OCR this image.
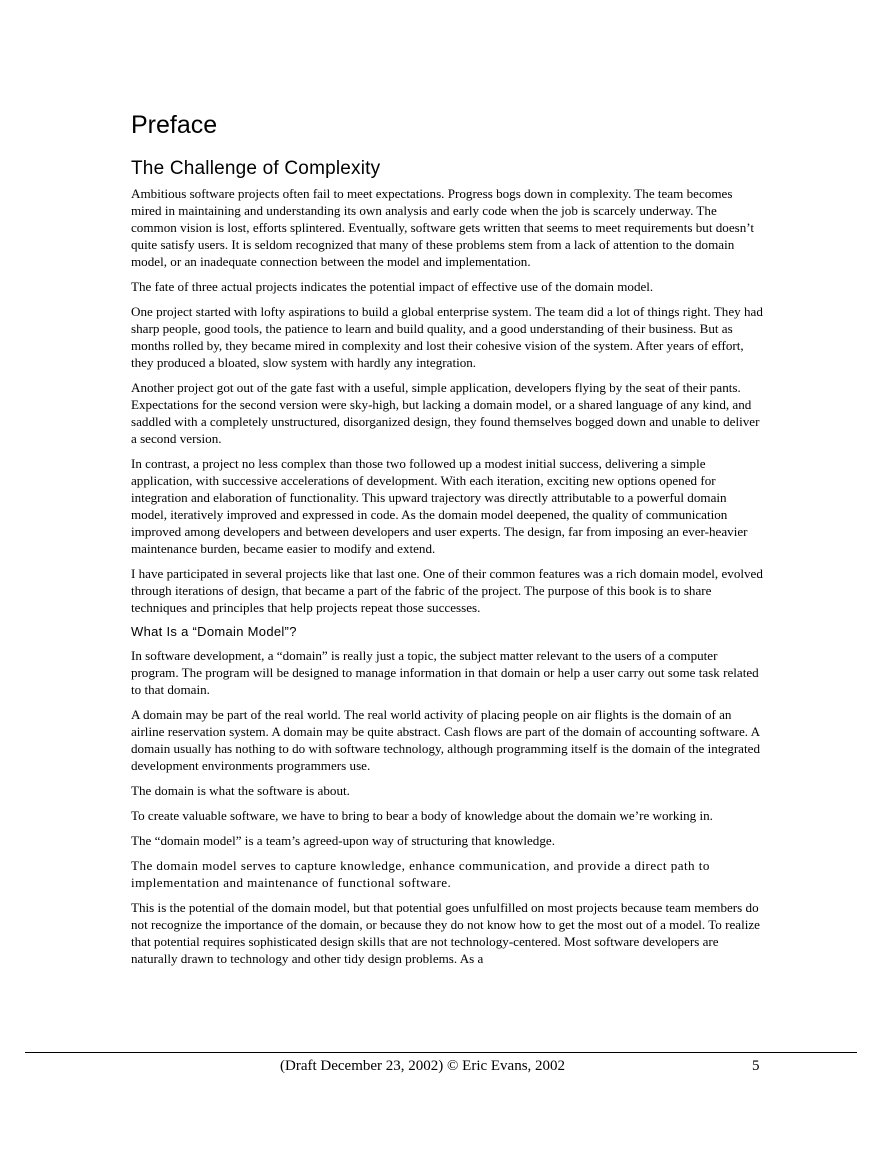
Preface
The Challenge of Complexity

Ambitious software projects often fail to meet expectations. Progress bogs down in complexity. The team becomes mired in maintaining and understanding its own analysis and early code when the job is scarcely underway. The common vision is lost, efforts splintered. Eventually, software gets written that seems to meet requirements but doesn’t quite satisfy users. It is seldom recognized that many of these problems stem from a lack of attention to the domain model, or an inadequate connection between the model and implementation.

The fate of three actual projects indicates the potential impact of effective use of the domain model.

One project started with lofty aspirations to build a global enterprise system. The team did a lot of things right. They had sharp people, good tools, the patience to learn and build quality, and a good understanding of their business. But as months rolled by, they became mired in complexity and lost their cohesive vision of the system. After years of effort, they produced a bloated, slow system with hardly any integration.

Another project got out of the gate fast with a useful, simple application, developers flying by the seat of their pants. Expectations for the second version were sky-high, but lacking a domain model, or a shared language of any kind, and saddled with a completely unstructured, disorganized design, they found themselves bogged down and unable to deliver a second version.

In contrast, a project no less complex than those two followed up a modest initial success, delivering a simple application, with successive accelerations of development. With each iteration, exciting new options opened for integration and elaboration of functionality. This upward trajectory was directly attributable to a powerful domain model, iteratively improved and expressed in code. As the domain model deepened, the quality of communication improved among developers and between developers and user experts. The design, far from imposing an ever-heavier maintenance burden, became easier to modify and extend.

I have participated in several projects like that last one. One of their common features was a rich domain model, evolved through iterations of design, that became a part of the fabric of the project. The purpose of this book is to share techniques and principles that help projects repeat those successes.

What Is a “Domain Model”?

In software development, a “domain” is really just a topic, the subject matter relevant to the users of a computer program. The program will be designed to manage information in that domain or help a user carry out some task related to that domain.

A domain may be part of the real world. The real world activity of placing people on air flights is the domain of an airline reservation system. A domain may be quite abstract. Cash flows are part of the domain of accounting software. A domain usually has nothing to do with software technology, although programming itself is the domain of the integrated development environments programmers use.

The domain is what the software is about.

To create valuable software, we have to bring to bear a body of knowledge about the domain we’re working in.

The “domain model” is a team’s agreed-upon way of structuring that knowledge.

The domain model serves to capture knowledge, enhance communication, and provide a direct path to implementation and maintenance of functional software.

This is the potential of the domain model, but that potential goes unfulfilled on most projects because team members do not recognize the importance of the domain, or because they do not know how to get the most out of a model. To realize that potential requires sophisticated design skills that are not technology-centered. Most software developers are naturally drawn to technology and other tidy design problems. As a

(Draft December 23, 2002) © Eric Evans, 2002	5
